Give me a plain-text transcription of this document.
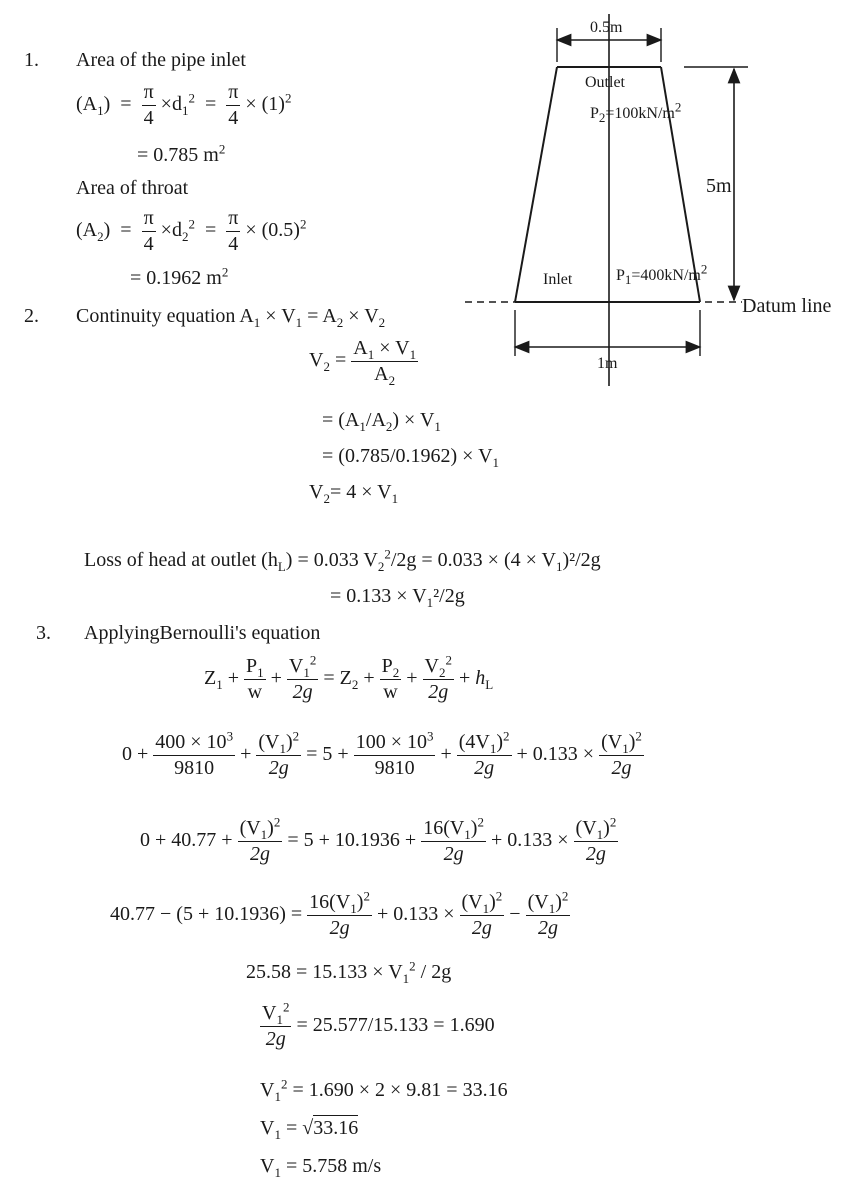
0.5m
Outlet
$P_2=100kN/m^2$
5m
Inlet	$P_1=400kN/m^2$
Datum line
1m
1. Area of the pipe inlet
$(A_1) = \frac{\pi}{4} \times d_1^2 = \frac{\pi}{4} \times (1)^2$
= 0.785 $m^2$
Area of throat
$(A_2) = \frac{\pi}{4} \times d_2^2 = \frac{\pi}{4} \times (0.5)^2$
= 0.1962 $m^2$
2. Continuity equation $A_1 \times V_1 = A_2 \times V_2$
$V_2 = \frac{A_1 \times V_1}{A_2}$
= $(A_1/A_2) \times V_1$
= $(0.785/0.1962) \times V_1$
$V_2= 4 \times V_1$
Loss of head at outlet $(h_L) = 0.033$ $V_2^2/2g = 0.033 \times (4 \times V_1)^2/2g$
= $0.133 \times V_1^2/2g$
3. ApplyingBernoulli's equation
$Z_1 + \frac{P_1}{w} + \frac{V_1^2}{2g} = Z_2 + \frac{P_2}{w} + \frac{V_2^2}{2g} + h_L$
$0 + \frac{400 \times 10^3}{9810} + \frac{(V_1)^2}{2g} = 5 + \frac{100 \times 10^3}{9810} + \frac{(4V_1)^2}{2g} + 0.133 \times \frac{(V_1)^2}{2g}$
$0 + 40.77 + \frac{(V_1)^2}{2g} = 5 + 10.1936 + \frac{16(V_1)^2}{2g} + 0.133 \times \frac{(V_1)^2}{2g}$
$40.77 - (5 + 10.1936) = \frac{16(V_1)^2}{2g} + 0.133 \times \frac{(V_1)^2}{2g} - \frac{(V_1)^2}{2g}$
$25.58 = 15.133 \times V_1^2 / 2g$
$\frac{V_1^2}{2g} = 25.577/15.133 = 1.690$
$V_1^2 = 1.690 \times 2 \times 9.81 = 33.16$
$V_1 = √33.16$
$V_1 = 5.758$ m/s
